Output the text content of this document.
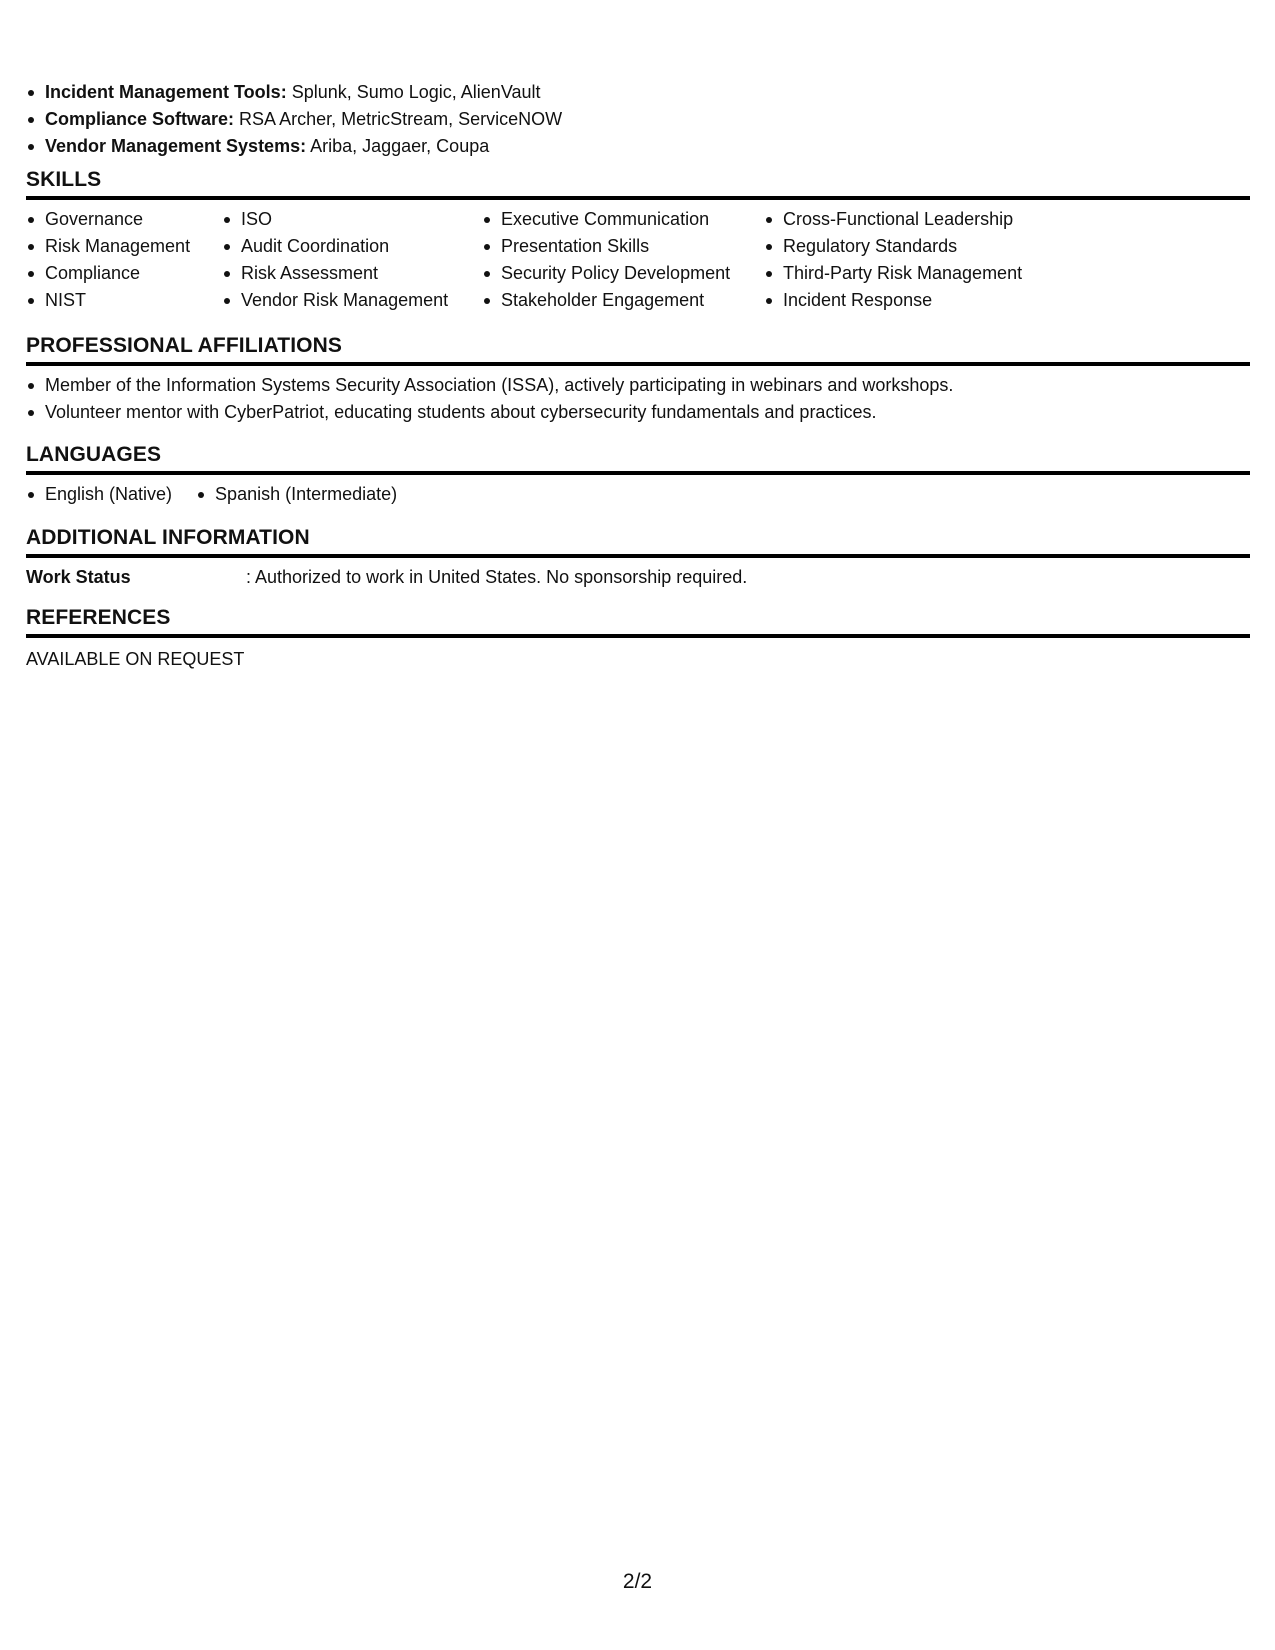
Incident Management Tools: Splunk, Sumo Logic, AlienVault
Compliance Software: RSA Archer, MetricStream, ServiceNOW
Vendor Management Systems: Ariba, Jaggaer, Coupa
SKILLS
Governance
Risk Management
Compliance
NIST
ISO
Audit Coordination
Risk Assessment
Vendor Risk Management
Executive Communication
Presentation Skills
Security Policy Development
Stakeholder Engagement
Cross-Functional Leadership
Regulatory Standards
Third-Party Risk Management
Incident Response
PROFESSIONAL AFFILIATIONS
Member of the Information Systems Security Association (ISSA), actively participating in webinars and workshops.
Volunteer mentor with CyberPatriot, educating students about cybersecurity fundamentals and practices.
LANGUAGES
English (Native)	Spanish (Intermediate)
ADDITIONAL INFORMATION
Work Status	: Authorized to work in United States. No sponsorship required.
REFERENCES
AVAILABLE ON REQUEST
2/2
